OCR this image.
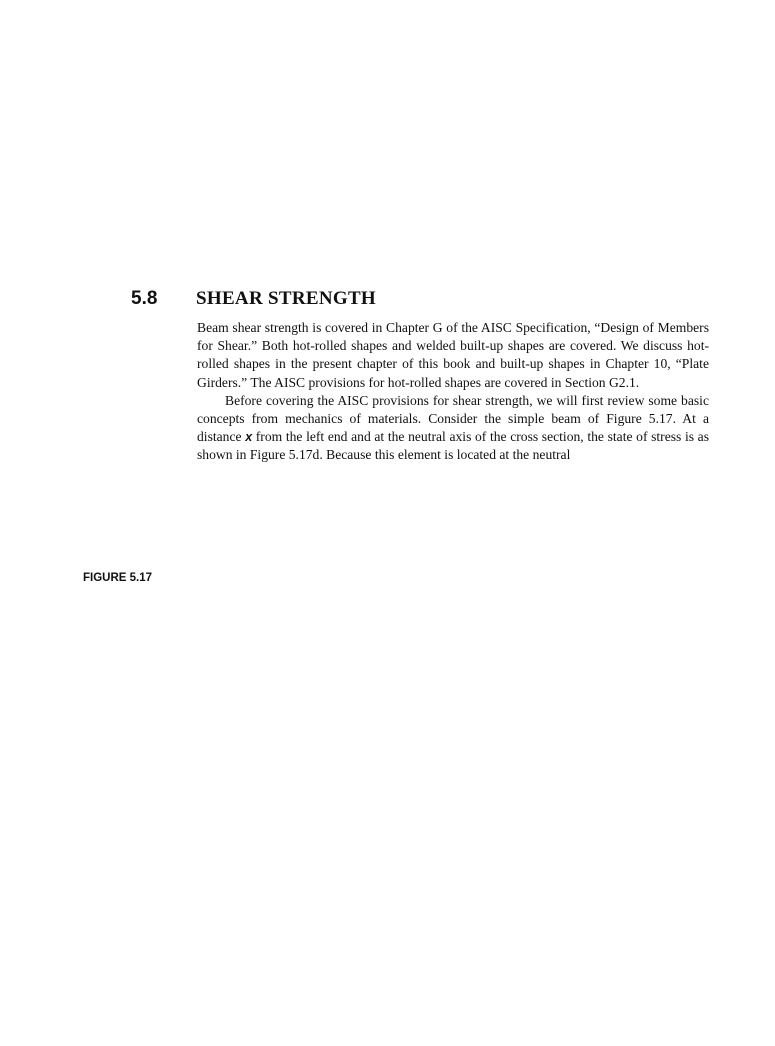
5.8 SHEAR STRENGTH

Beam shear strength is covered in Chapter G of the AISC Specification, “Design of Members for Shear.” Both hot-rolled shapes and welded built-up shapes are covered. We discuss hot-rolled shapes in the present chapter of this book and built-up shapes in Chapter 10, “Plate Girders.” The AISC provisions for hot-rolled shapes are covered in Section G2.1.

Before covering the AISC provisions for shear strength, we will first review some basic concepts from mechanics of materials. Consider the simple beam of Figure 5.17. At a distance x from the left end and at the neutral axis of the cross section, the state of stress is as shown in Figure 5.17d. Because this element is located at the neutral

FIGURE 5.17
